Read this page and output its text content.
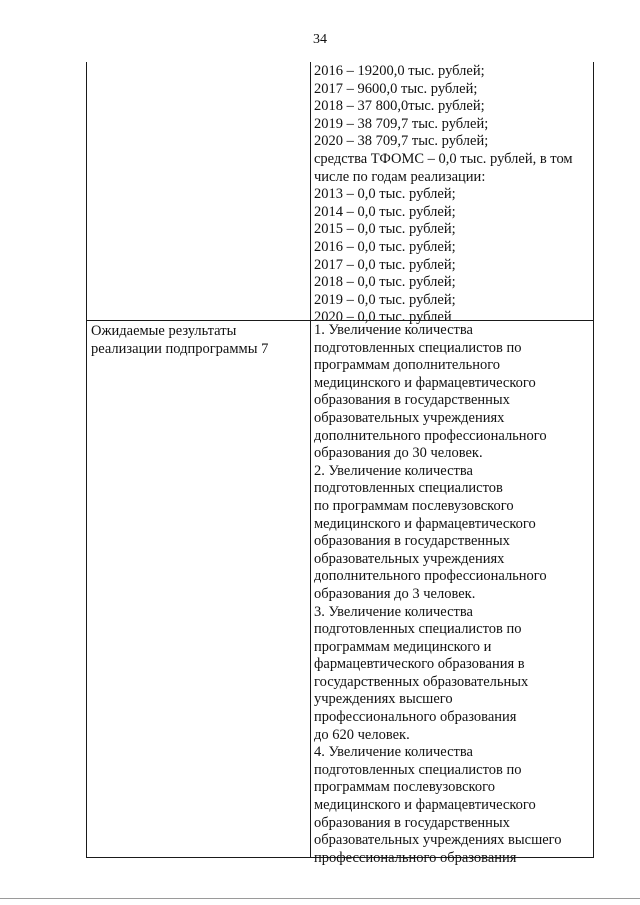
34
2016 – 19200,0 тыс. рублей;
2017 – 9600,0 тыс. рублей;
2018 – 37 800,0тыс. рублей;
2019 – 38 709,7 тыс. рублей;
2020 – 38 709,7 тыс. рублей;
средства ТФОМС – 0,0 тыс. рублей, в том
числе по годам реализации:
2013 – 0,0 тыс. рублей;
2014 – 0,0 тыс. рублей;
2015 – 0,0 тыс. рублей;
2016 – 0,0 тыс. рублей;
2017 – 0,0 тыс. рублей;
2018 – 0,0 тыс. рублей;
2019 – 0,0 тыс. рублей;
2020 – 0,0 тыс. рублей
Ожидаемые результаты
реализации подпрограммы 7
1. Увеличение количества
подготовленных специалистов по
программам дополнительного
медицинского и фармацевтического
образования в государственных
образовательных учреждениях
дополнительного профессионального
образования до 30 человек.
2. Увеличение количества
подготовленных специалистов
по программам послевузовского
медицинского и фармацевтического
образования в государственных
образовательных учреждениях
дополнительного профессионального
образования до 3 человек.
3. Увеличение количества
подготовленных специалистов по
программам медицинского и
фармацевтического образования в
государственных образовательных
учреждениях высшего
профессионального образования
до 620 человек.
4. Увеличение количества
подготовленных специалистов по
программам послевузовского
медицинского и фармацевтического
образования в государственных
образовательных учреждениях высшего
профессионального образования
